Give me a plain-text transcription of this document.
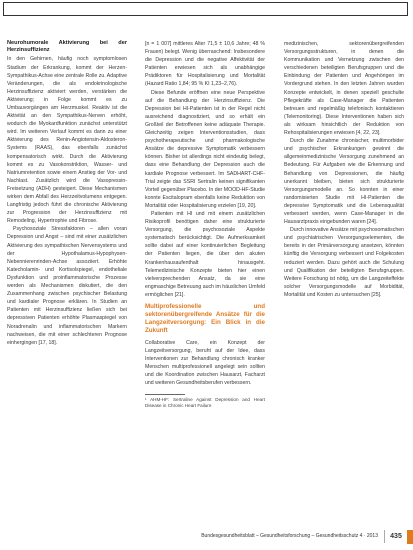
Neurohumorale Aktivierung bei der Herzinsuffizienz

In den Gehirnen, häufig noch symptomlosen Stadium der Erkrankung, kommt der Herzen-Sympathikus-Achse eine zentrale Rolle zu. Adaptive Veränderungen, die als endokrinologische Herzinsuffizienz aktiviert werden, verstärken die Aktivierung; in Folge kommt es zu Umbauvorgängen am Herzmuskel. Reaktiv ist die Aktivität an den Sympathikus-Nerven erhöht, wodurch die Myokardfunktion zunächst unterstützt wird. Im weiteren Verlauf kommt es dann zu einer Aktivierung des Renin-Angiotensin-Aldosteron-Systems (RAAS), das ebenfalls zunächst kompensatorisch wirkt. Durch die Aktivierung kommt es zu Vasokonstriktion, Wasser- und Natriumretention sowie einem Anstieg der Vor- und Nachlast. Zusätzlich wird die Vasopressin-Freisetzung (ADH) gesteigert. Diese Mechanismen wirken dem Abfall des Herzzeitvolumens entgegen. Langfristig jedoch führt die chronische Aktivierung zur Progression der Herzinsuffizienz mit Remodeling, Hypertrophie und Fibrose.

Psychosoziale Stressfaktoren – allen voran Depression und Angst – sind mit einer zusätzlichen Aktivierung des sympathischen Nervensystems und der Hypothalamus-Hypophysen-Nebennierenrinden-Achse assoziiert. Erhöhte Katecholamin- und Kortisolspiegel, endotheliale Dysfunktion und proinflammatorische Prozesse werden als Mechanismen diskutiert, die den Zusammenhang zwischen psychischer Belastung und kardialer Prognose erklären. In Studien an Patienten mit Herzinsuffizienz ließen sich bei depressiven Patienten erhöhte Plasmaspiegel von Noradrenalin und inflammatorischen Markern nachweisen, die mit einer schlechteren Prognose einhergingen [17, 18].

[n = 1 007] mittleres Alter 71,5 ± 10,6 Jahre; 48 % Frauen) belegt. Wenig überraschend: Insbesondere die Depression und die negative Affektivität der Patienten erwiesen sich als unabhängige Prädiktoren für Hospitalisierung und Mortalität (Hazard Ratio 1,84; 95 % KI 1,23–2,76).

Diese Befunde eröffnen eine neue Perspektive auf die Behandlung der Herzinsuffizienz. Die Depression bei HI-Patienten ist in der Regel nicht ausreichend diagnostiziert, und so erhält ein Großteil der Betroffenen keine adäquate Therapie. Gleichzeitig zeigen Interventionsstudien, dass psychotherapeutische und pharmakologische Ansätze die depressive Symptomatik verbessern können. Bisher ist allerdings nicht eindeutig belegt, dass eine Behandlung der Depression auch die kardiale Prognose verbessert. Im SADHART-CHF-Trial zeigte das SSRI Sertralin keinen signifikanten Vorteil gegenüber Placebo. In der MOOD-HF-Studie konnte Escitalopram ebenfalls keine Reduktion von Mortalität oder Hospitalisierung erzielen [19, 20].

Patienten mit HI und mit einem zusätzlichen Risikoprofil benötigen daher eine strukturierte Versorgung, die psychosoziale Aspekte systematisch berücksichtigt. Die Aufmerksamkeit sollte dabei auf einer kontinuierlichen Begleitung der Patienten liegen, die über den akuten Krankenhausaufenthalt hinausgeht. Telemedizinische Konzepte bieten hier einen vielversprechenden Ansatz, da sie eine engmaschige Betreuung auch im häuslichen Umfeld ermöglichen [21].

Multiprofessionelle und sektorenübergreifende Ansätze für die Langzeitversorgung: Ein Blick in die Zukunft

Collaborative Care, ein Konzept der Langzeitversorgung, beruht auf der Idee, dass Interventionen zur Behandlung chronisch kranker Menschen multiprofessionell angelegt sein sollten und die Koordination zwischen Hausarzt, Facharzt und weiteren Gesundheitsberufen verbessern.

¹ AHM-HF: Sertraline Against Depression and Heart Disease in Chronic Heart Failure

medizinischen, sektorenübergreifenden Versorgungsstrukturen, in denen die Kommunikation und Vernetzung zwischen den verschiedenen beteiligten Berufsgruppen und die Einbindung der Patienten und Angehörigen im Vordergrund stehen. In den letzten Jahren wurden Konzepte entwickelt, in denen speziell geschulte Pflegekräfte als Case-Manager die Patienten betreuen und regelmäßig telefonisch kontaktieren (Telemonitoring). Diese Interventionen haben sich als wirksam hinsichtlich der Reduktion von Rehospitalisierungen erwiesen [4, 22, 23].

Durch die Zunahme chronischer, multimorbider und psychischer Erkrankungen gewinnt die allgemeinmedizinische Versorgung zunehmend an Bedeutung. Für Aufgaben wie die Erkennung und Behandlung von Depressionen, die häufig unerkannt bleiben, bieten sich strukturierte Versorgungsmodelle an. So konnten in einer randomisierten Studie mit HI-Patienten die depressive Symptomatik und die Lebensqualität verbessert werden, wenn Case-Manager in die Hausarztpraxis eingebunden waren [24].

Durch innovative Ansätze mit psychosomatischen und psychiatrischen Versorgungselementen, die bereits in der Primärversorgung ansetzen, könnten künftig die Versorgung verbessert und Folgekosten reduziert werden. Dazu gehört auch die Schulung und Qualifikation der beteiligten Berufsgruppen. Weitere Forschung ist nötig, um die Langzeiteffekte solcher Versorgungsmodelle auf Morbidität, Mortalität und Kosten zu untersuchen [25].

Bundesgesundheitsblatt – Gesundheitsforschung – Gesundheitsschutz 4 · 2013	435
